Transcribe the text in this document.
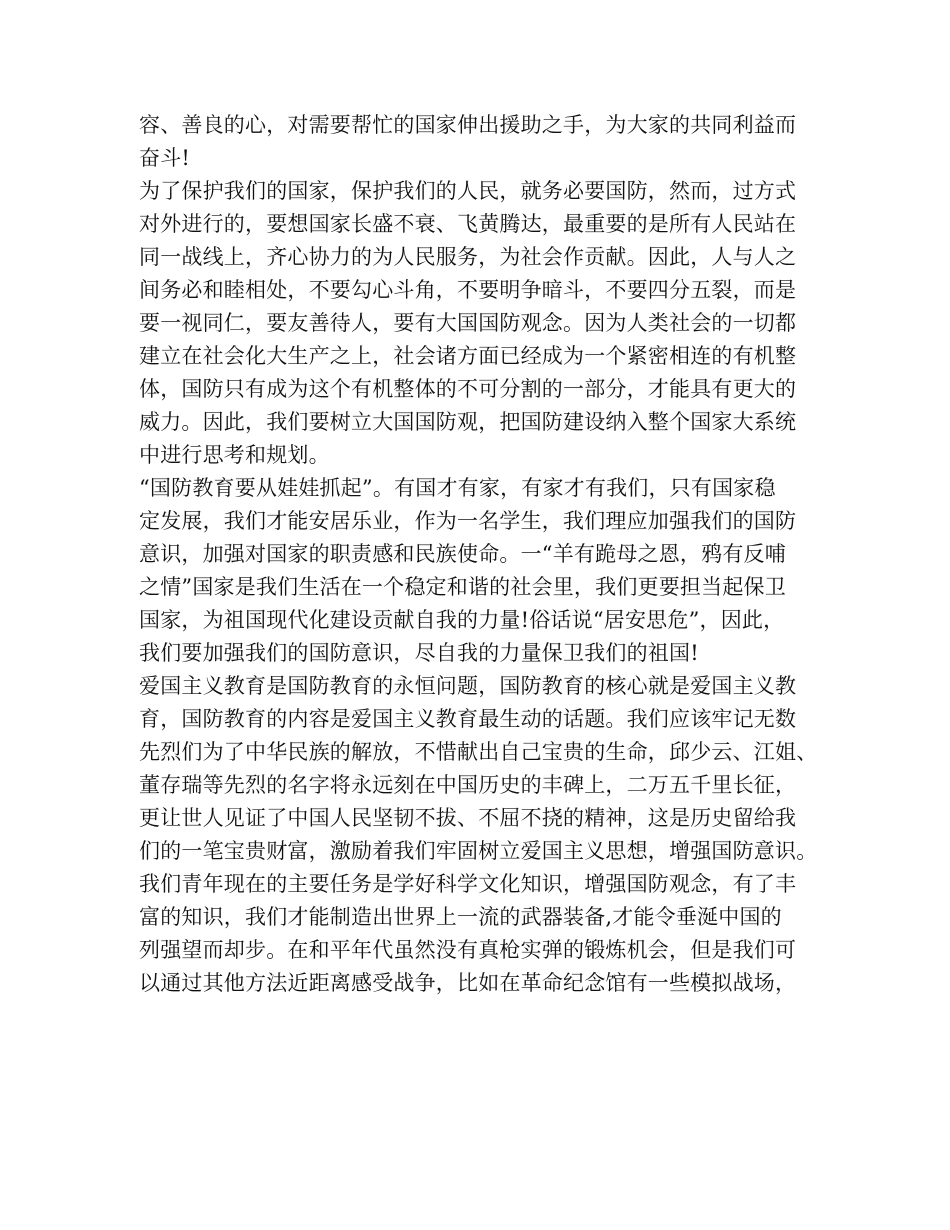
容、善良的心，对需要帮忙的国家伸出援助之手，为大家的共同利益而
奋斗!
为了保护我们的国家，保护我们的人民，就务必要国防，然而，过方式
对外进行的，要想国家长盛不衰、飞黄腾达，最重要的是所有人民站在
同一战线上，齐心协力的为人民服务，为社会作贡献。因此，人与人之
间务必和睦相处，不要勾心斗角，不要明争暗斗，不要四分五裂，而是
要一视同仁，要友善待人，要有大国国防观念。因为人类社会的一切都
建立在社会化大生产之上，社会诸方面已经成为一个紧密相连的有机整
体，国防只有成为这个有机整体的不可分割的一部分，才能具有更大的
威力。因此，我们要树立大国国防观，把国防建设纳入整个国家大系统
中进行思考和规划。
“国防教育要从娃娃抓起”。有国才有家，有家才有我们，只有国家稳
定发展，我们才能安居乐业，作为一名学生，我们理应加强我们的国防
意识，加强对国家的职责感和民族使命。一“羊有跪母之恩，鸦有反哺
之情”国家是我们生活在一个稳定和谐的社会里，我们更要担当起保卫
国家，为祖国现代化建设贡献自我的力量!俗话说“居安思危”，因此，
我们要加强我们的国防意识，尽自我的力量保卫我们的祖国!
爱国主义教育是国防教育的永恒问题，国防教育的核心就是爱国主义教
育，国防教育的内容是爱国主义教育最生动的话题。我们应该牢记无数
先烈们为了中华民族的解放，不惜献出自己宝贵的生命，邱少云、江姐、
董存瑞等先烈的名字将永远刻在中国历史的丰碑上，二万五千里长征，
更让世人见证了中国人民坚韧不拔、不屈不挠的精神，这是历史留给我
们的一笔宝贵财富，激励着我们牢固树立爱国主义思想，增强国防意识。
我们青年现在的主要任务是学好科学文化知识，增强国防观念，有了丰
富的知识，我们才能制造出世界上一流的武器装备,才能令垂涎中国的
列强望而却步。在和平年代虽然没有真枪实弹的锻炼机会，但是我们可
以通过其他方法近距离感受战争，比如在革命纪念馆有一些模拟战场，
